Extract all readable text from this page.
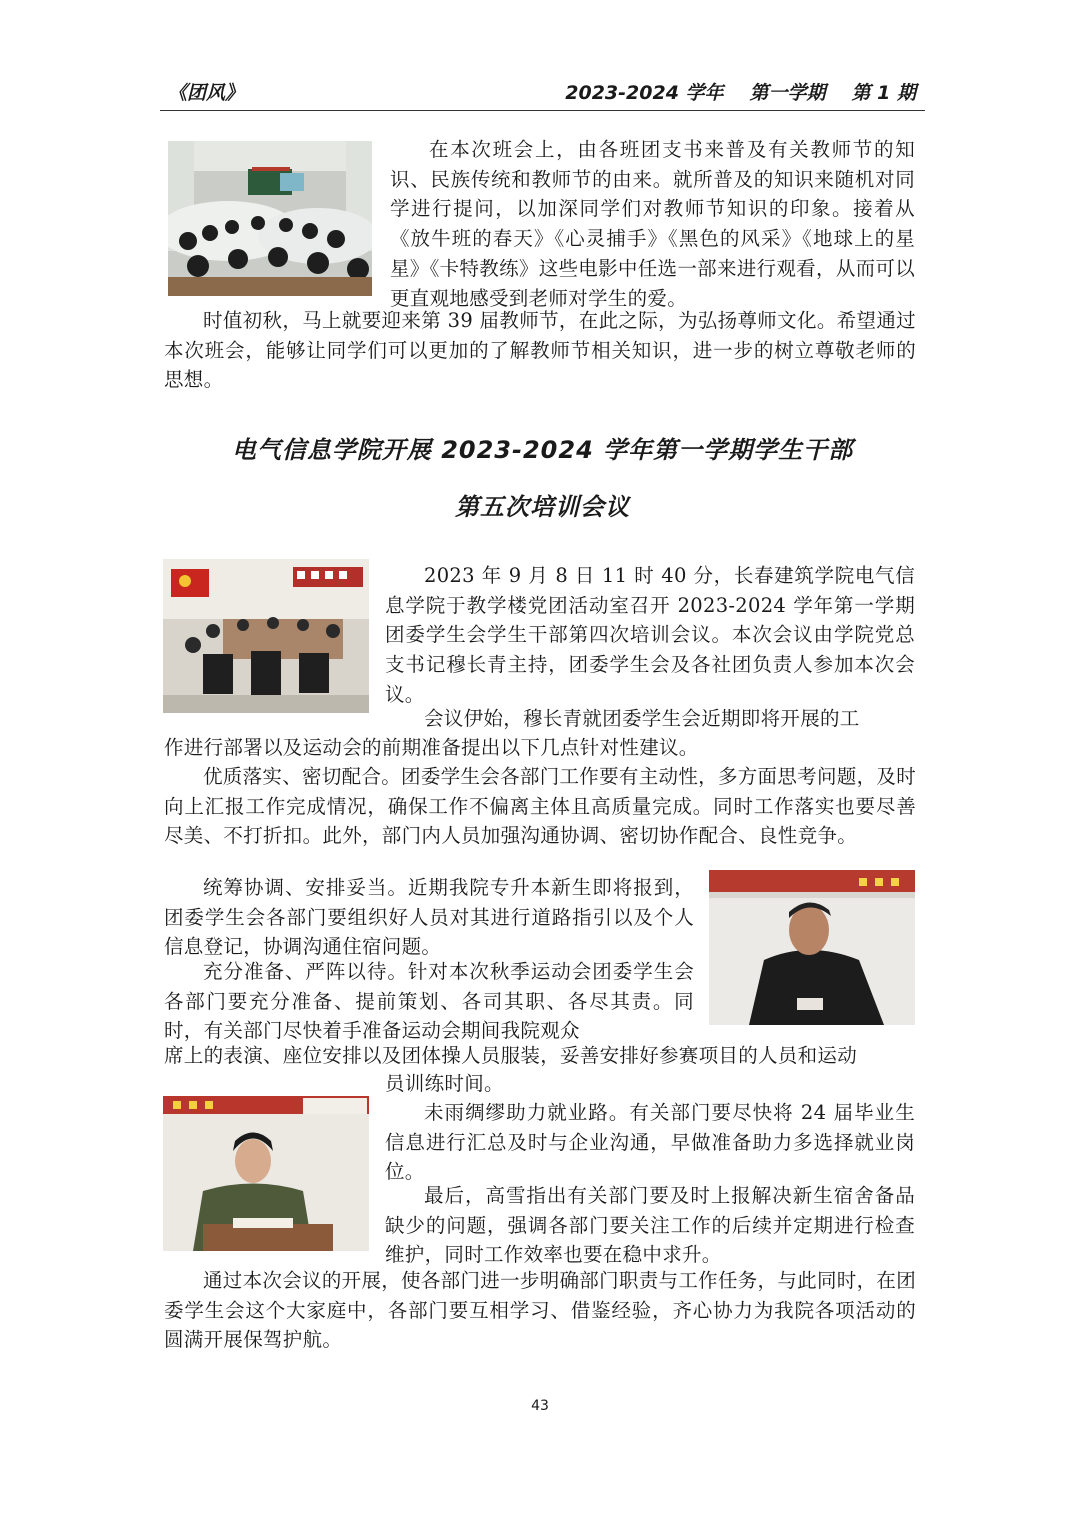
《团风》	2023-2024 学年 第一学期 第 1 期

在本次班会上，由各班团支书来普及有关教师节的知识、民族传统和教师节的由来。就所普及的知识来随机对同学进行提问，以加深同学们对教师节知识的印象。接着从《放牛班的春天》《心灵捕手》《黑色的风采》《地球上的星星》《卡特教练》这些电影中任选一部来进行观看，从而可以更直观地感受到老师对学生的爱。

时值初秋，马上就要迎来第 39 届教师节，在此之际，为弘扬尊师文化。希望通过本次班会，能够让同学们可以更加的了解教师节相关知识，进一步的树立尊敬老师的思想。

电气信息学院开展 2023-2024 学年第一学期学生干部
第五次培训会议

2023 年 9 月 8 日 11 时 40 分，长春建筑学院电气信息学院于教学楼党团活动室召开 2023-2024 学年第一学期团委学生会学生干部第四次培训会议。本次会议由学院党总支书记穆长青主持，团委学生会及各社团负责人参加本次会议。

会议伊始，穆长青就团委学生会近期即将开展的工

作进行部署以及运动会的前期准备提出以下几点针对性建议。

优质落实、密切配合。团委学生会各部门工作要有主动性，多方面思考问题，及时向上汇报工作完成情况，确保工作不偏离主体且高质量完成。同时工作落实也要尽善尽美、不打折扣。此外，部门内人员加强沟通协调、密切协作配合、良性竞争。

统筹协调、安排妥当。近期我院专升本新生即将报到，团委学生会各部门要组织好人员对其进行道路指引以及个人信息登记，协调沟通住宿问题。

充分准备、严阵以待。针对本次秋季运动会团委学生会各部门要充分准备、提前策划、各司其职、各尽其责。同时，有关部门尽快着手准备运动会期间我院观众

席上的表演、座位安排以及团体操人员服装，妥善安排好参赛项目的人员和运动

员训练时间。

未雨绸缪助力就业路。有关部门要尽快将 24 届毕业生信息进行汇总及时与企业沟通，早做准备助力多选择就业岗位。

最后，高雪指出有关部门要及时上报解决新生宿舍备品缺少的问题，强调各部门要关注工作的后续并定期进行检查维护，同时工作效率也要在稳中求升。

通过本次会议的开展，使各部门进一步明确部门职责与工作任务，与此同时，在团委学生会这个大家庭中，各部门要互相学习、借鉴经验，齐心协力为我院各项活动的圆满开展保驾护航。

43
